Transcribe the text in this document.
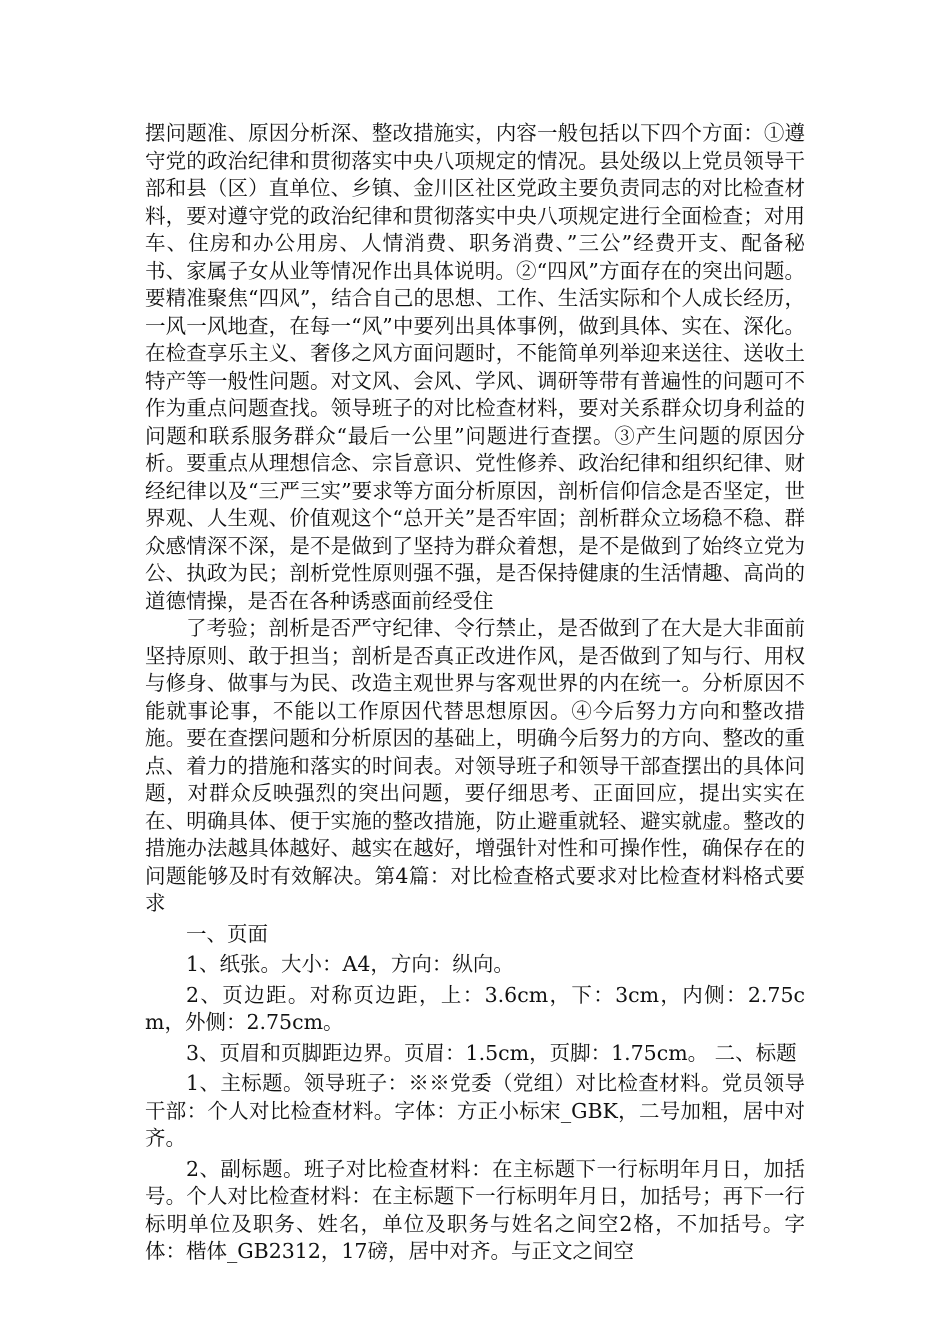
摆问题准、原因分析深、整改措施实，内容一般包括以下四个方面：①遵守党的政治纪律和贯彻落实中央八项规定的情况。县处级以上党员领导干部和县（区）直单位、乡镇、金川区社区党政主要负责同志的对比检查材料，要对遵守党的政治纪律和贯彻落实中央八项规定进行全面检查；对用车、住房和办公用房、人情消费、职务消费、”三公”经费开支、配备秘书、家属子女从业等情况作出具体说明。②“四风”方面存在的突出问题。要精准聚焦“四风”，结合自己的思想、工作、生活实际和个人成长经历，一风一风地查，在每一“风”中要列出具体事例，做到具体、实在、深化。在检查享乐主义、奢侈之风方面问题时，不能简单列举迎来送往、送收土特产等一般性问题。对文风、会风、学风、调研等带有普遍性的问题可不作为重点问题查找。领导班子的对比检查材料，要对关系群众切身利益的问题和联系服务群众“最后一公里”问题进行查摆。③产生问题的原因分析。要重点从理想信念、宗旨意识、党性修养、政治纪律和组织纪律、财经纪律以及“三严三实”要求等方面分析原因，剖析信仰信念是否坚定，世界观、人生观、价值观这个“总开关”是否牢固；剖析群众立场稳不稳、群众感情深不深，是不是做到了坚持为群众着想，是不是做到了始终立党为公、执政为民；剖析党性原则强不强，是否保持健康的生活情趣、高尚的道德情操，是否在各种诱惑面前经受住

了考验；剖析是否严守纪律、令行禁止，是否做到了在大是大非面前坚持原则、敢于担当；剖析是否真正改进作风，是否做到了知与行、用权与修身、做事与为民、改造主观世界与客观世界的内在统一。分析原因不能就事论事，不能以工作原因代替思想原因。④今后努力方向和整改措施。要在查摆问题和分析原因的基础上，明确今后努力的方向、整改的重点、着力的措施和落实的时间表。对领导班子和领导干部查摆出的具体问题，对群众反映强烈的突出问题，要仔细思考、正面回应，提出实实在在、明确具体、便于实施的整改措施，防止避重就轻、避实就虚。整改的措施办法越具体越好、越实在越好，增强针对性和可操作性，确保存在的问题能够及时有效解决。第4篇：对比检查格式要求对比检查材料格式要求

一、页面

1、纸张。大小：A4，方向：纵向。

2、页边距。对称页边距，上：3.6cm，下：3cm，内侧：2.75cm，外侧：2.75cm。

3、页眉和页脚距边界。页眉：1.5cm，页脚：1.75cm。 二、标题

1、主标题。领导班子：※※党委（党组）对比检查材料。党员领导干部：个人对比检查材料。字体：方正小标宋_GBK，二号加粗，居中对齐。

2、副标题。班子对比检查材料：在主标题下一行标明年月日，加括号。个人对比检查材料：在主标题下一行标明年月日，加括号；再下一行标明单位及职务、姓名，单位及职务与姓名之间空2格，不加括号。字体：楷体_GB2312，17磅，居中对齐。与正文之间空
